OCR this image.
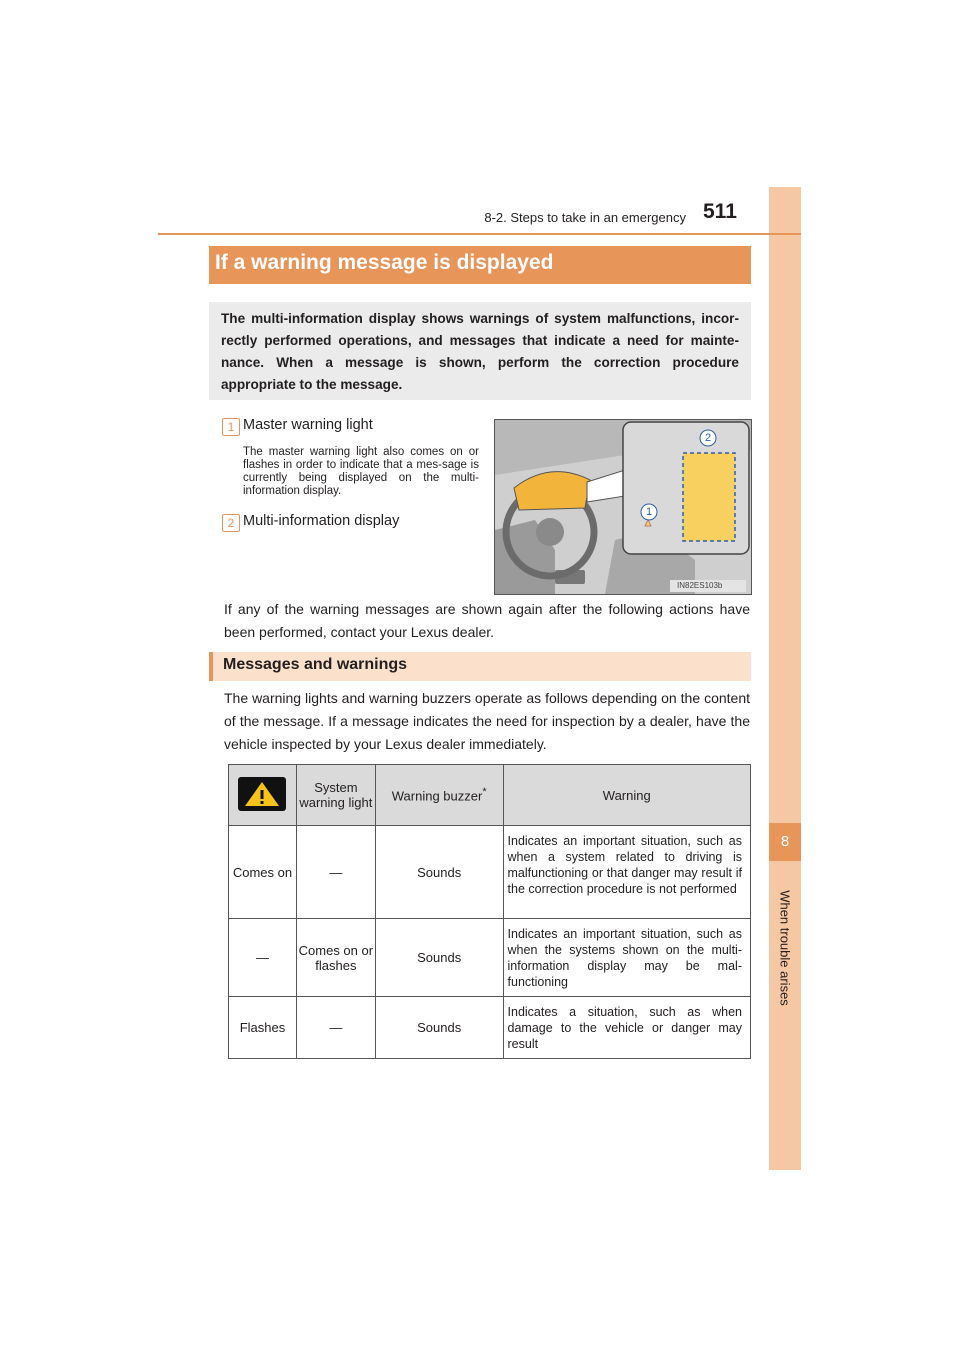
8
When trouble arises
8-2. Steps to take in an emergency 511
If a warning message is displayed

The multi-information display shows warnings of system malfunctions, incor-rectly performed operations, and messages that indicate a need for mainte-nance. When a message is shown, perform the correction procedure appropriate to the message.

1 Master warning light
The master warning light also comes on or flashes in order to indicate that a mes-sage is currently being displayed on the multi-information display.
2 Multi-information display
2
1
IN82ES103b
If any of the warning messages are shown again after the following actions have been performed, contact your Lexus dealer.
Messages and warnings
The warning lights and warning buzzers operate as follows depending on the content of the message. If a message indicates the need for inspection by a dealer, have the vehicle inspected by your Lexus dealer immediately.
	System warning light	Warning buzzer*	Warning
Comes on	—	Sounds	Indicates an important situation, such as when a system related to driving is malfunctioning or that danger may result if the correction procedure is not performed
—	Comes on or flashes	Sounds	Indicates an important situation, such as when the systems shown on the multi-information display may be mal-functioning
Flashes	—	Sounds	Indicates a situation, such as when damage to the vehicle or danger may result
